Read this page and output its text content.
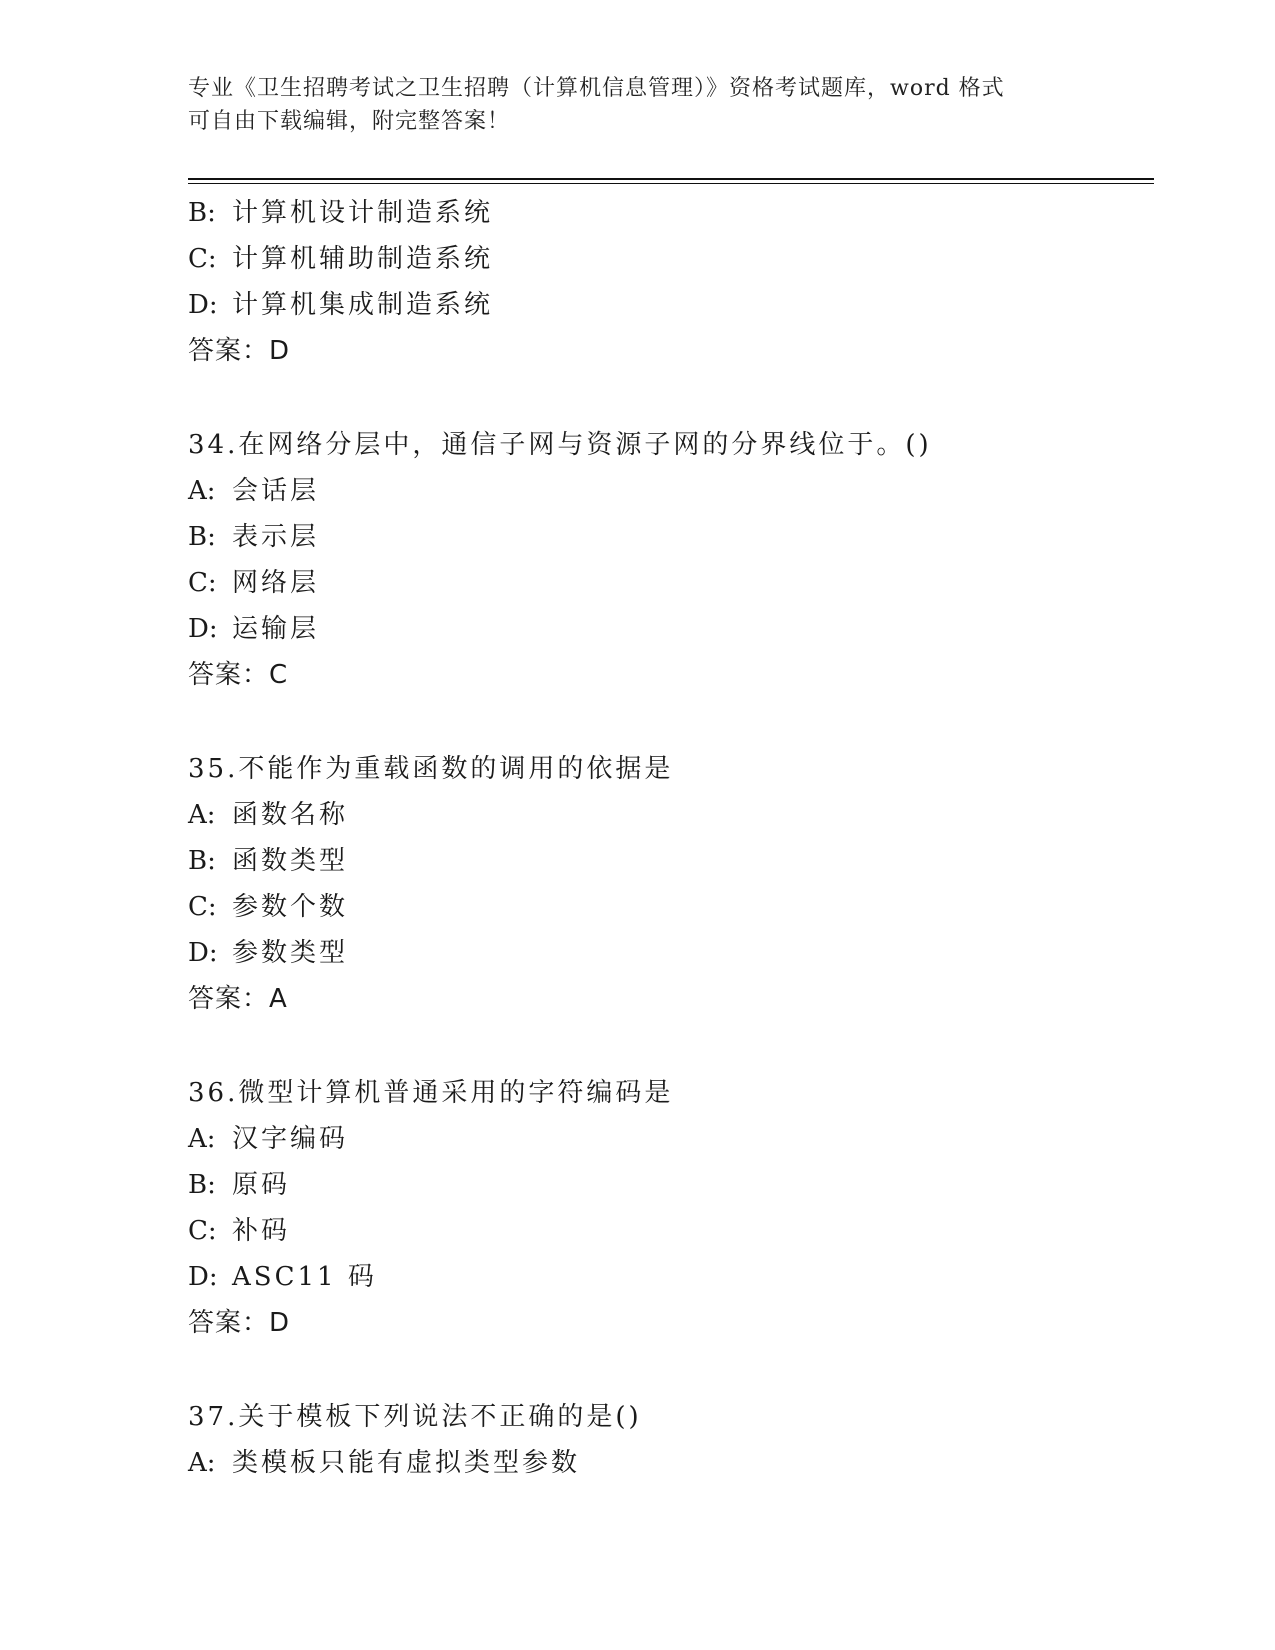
专业《卫生招聘考试之卫生招聘（计算机信息管理）》资格考试题库，word 格式
可自由下载编辑，附完整答案！
B: 计算机设计制造系统
C: 计算机辅助制造系统
D: 计算机集成制造系统
答案：D
34.在网络分层中，通信子网与资源子网的分界线位于。()
A: 会话层
B: 表示层
C: 网络层
D: 运输层
答案：C
35.不能作为重载函数的调用的依据是
A: 函数名称
B: 函数类型
C: 参数个数
D: 参数类型
答案：A
36.微型计算机普通采用的字符编码是
A: 汉字编码
B: 原码
C: 补码
D: ASC11 码
答案：D
37.关于模板下列说法不正确的是()
A: 类模板只能有虚拟类型参数
